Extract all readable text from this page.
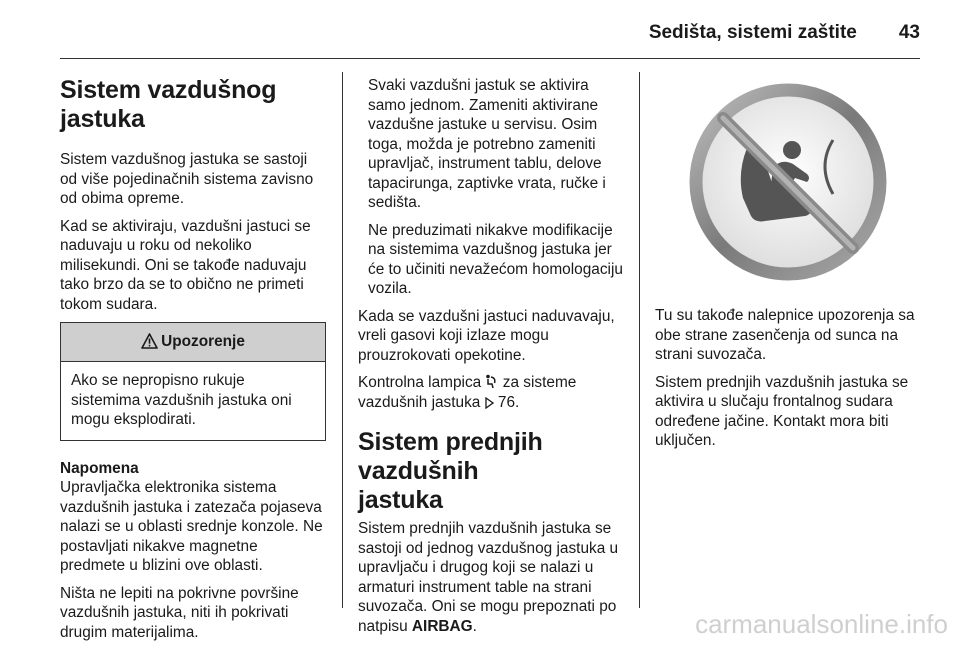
Sedišta, sistemi zaštite 43
Sistem vazdušnog
jastuka

Sistem vazdušnog jastuka se sastoji od više pojedinačnih sistema zavisno od obima opreme.

Kad se aktiviraju, vazdušni jastuci se naduvaju u roku od nekoliko milisekundi. Oni se takođe naduvaju tako brzo da se to obično ne primeti tokom sudara.

Upozorenje
Ako se nepropisno rukuje sistemima vazdušnih jastuka oni mogu eksplodirati.
Napomena

Upravljačka elektronika sistema vazdušnih jastuka i zatezača pojaseva nalazi se u oblasti srednje konzole. Ne postavljati nikakve magnetne predmete u blizini ove oblasti.

Ništa ne lepiti na pokrivne površine vazdušnih jastuka, niti ih pokrivati drugim materijalima.

Svaki vazdušni jastuk se aktivira samo jednom. Zameniti aktivirane vazdušne jastuke u servisu. Osim toga, možda je potrebno zameniti upravljač, instrument tablu, delove tapacirunga, zaptivke vrata, ručke i sedišta.

Ne preduzimati nikakve modifikacije na sistemima vazdušnog jastuka jer će to učiniti nevažećom homologaciju vozila.

Kada se vazdušni jastuci naduvavaju, vreli gasovi koji izlaze mogu prouzrokovati opekotine.

Kontrolna lampica za sisteme vazdušnih jastuka 76.

Sistem prednjih vazdušnih
jastuka

Sistem prednjih vazdušnih jastuka se sastoji od jednog vazdušnog jastuka u upravljaču i drugog koji se nalazi u armaturi instrument table na strani suvozača. Oni se mogu prepoznati po natpisu AIRBAG.

Tu su takođe nalepnice upozorenja sa obe strane zasenčenja od sunca na strani suvozača.

Sistem prednjih vazdušnih jastuka se aktivira u slučaju frontalnog sudara određene jačine. Kontakt mora biti uključen.

carmanualsonline.info
